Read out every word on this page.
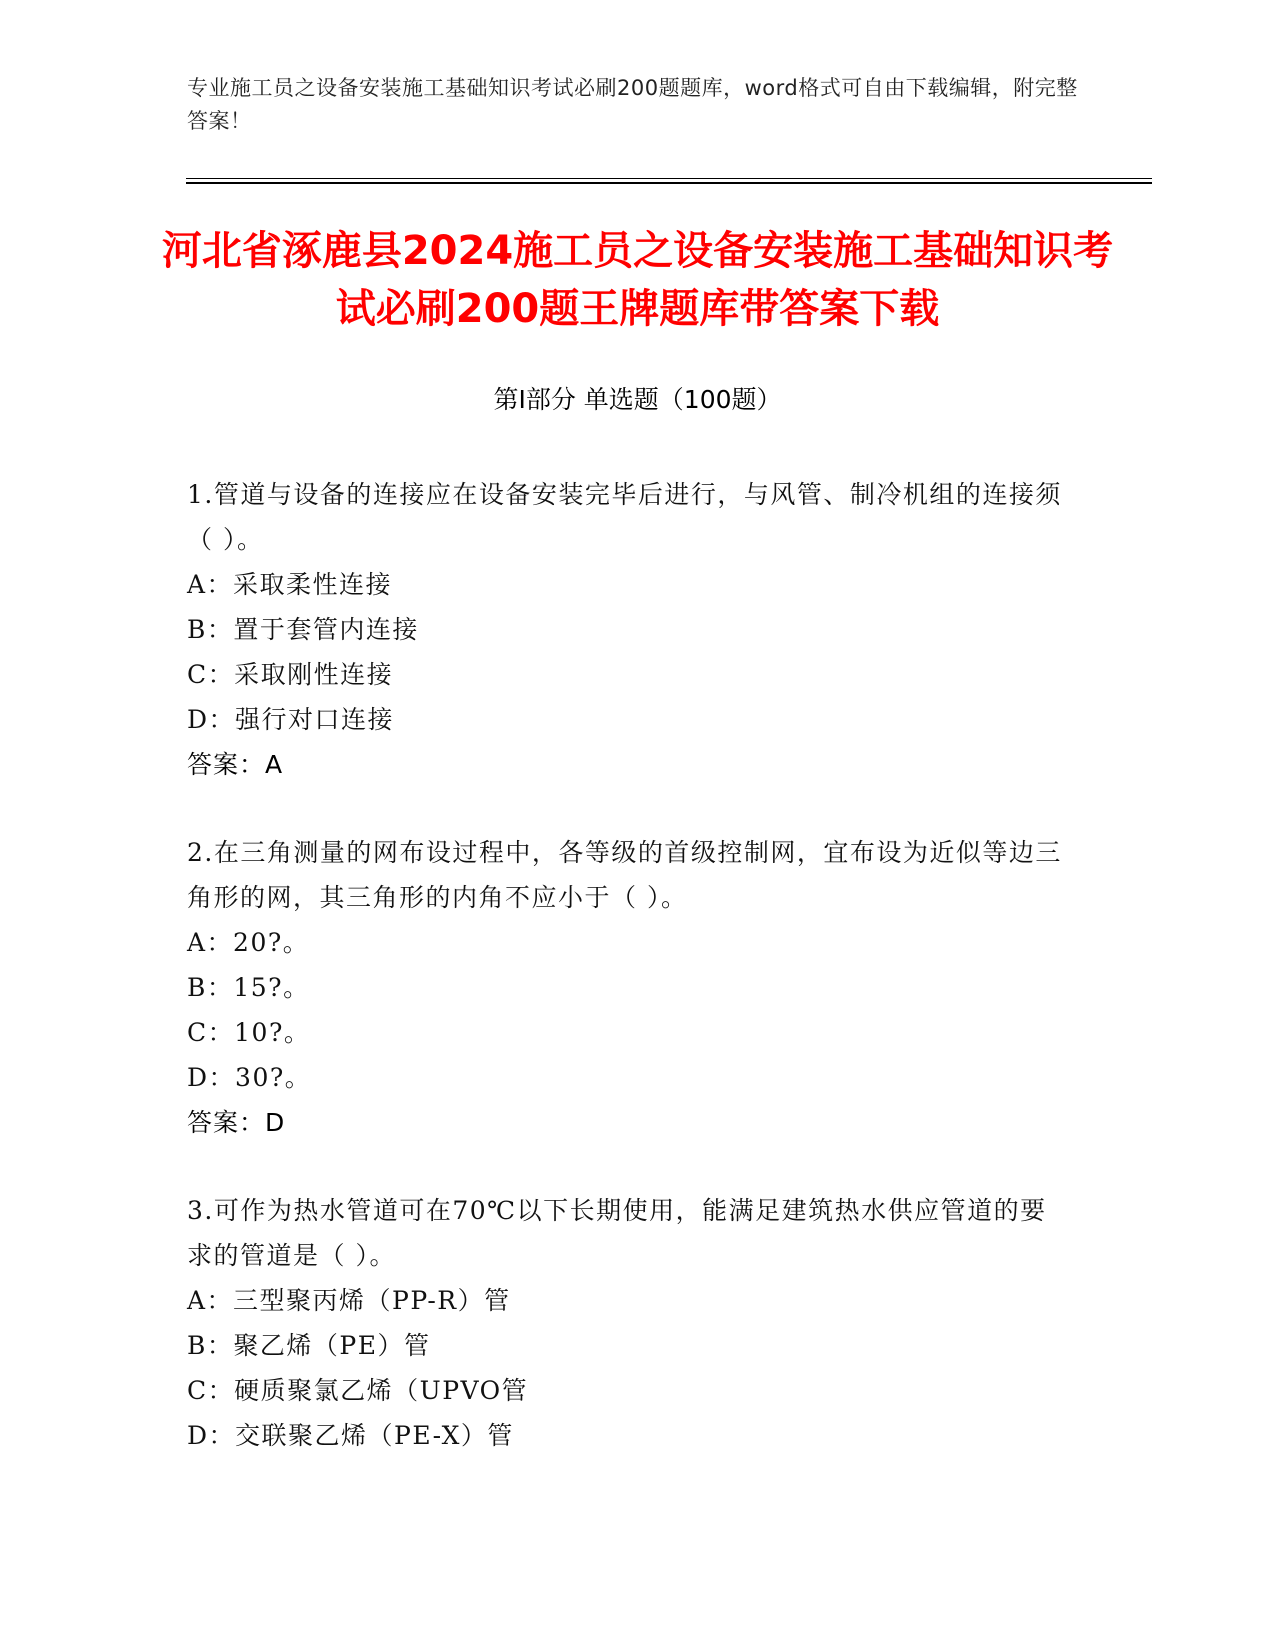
专业施工员之设备安装施工基础知识考试必刷200题题库，word格式可自由下载编辑，附完整答案！
河北省涿鹿县2024施工员之设备安装施工基础知识考试必刷200题王牌题库带答案下载
第I部分 单选题（100题）
1.管道与设备的连接应在设备安装完毕后进行，与风管、制冷机组的连接须（ ）。
A：采取柔性连接
B：置于套管内连接
C：采取刚性连接
D：强行对口连接
答案：A
2.在三角测量的网布设过程中，各等级的首级控制网，宜布设为近似等边三角形的网，其三角形的内角不应小于（ ）。
A：20?。
B：15?。
C：10?。
D：30?。
答案：D
3.可作为热水管道可在70℃以下长期使用，能满足建筑热水供应管道的要求的管道是（ ）。
A：三型聚丙烯（PP-R）管
B：聚乙烯（PE）管
C：硬质聚氯乙烯（UPVO管
D：交联聚乙烯（PE-X）管
